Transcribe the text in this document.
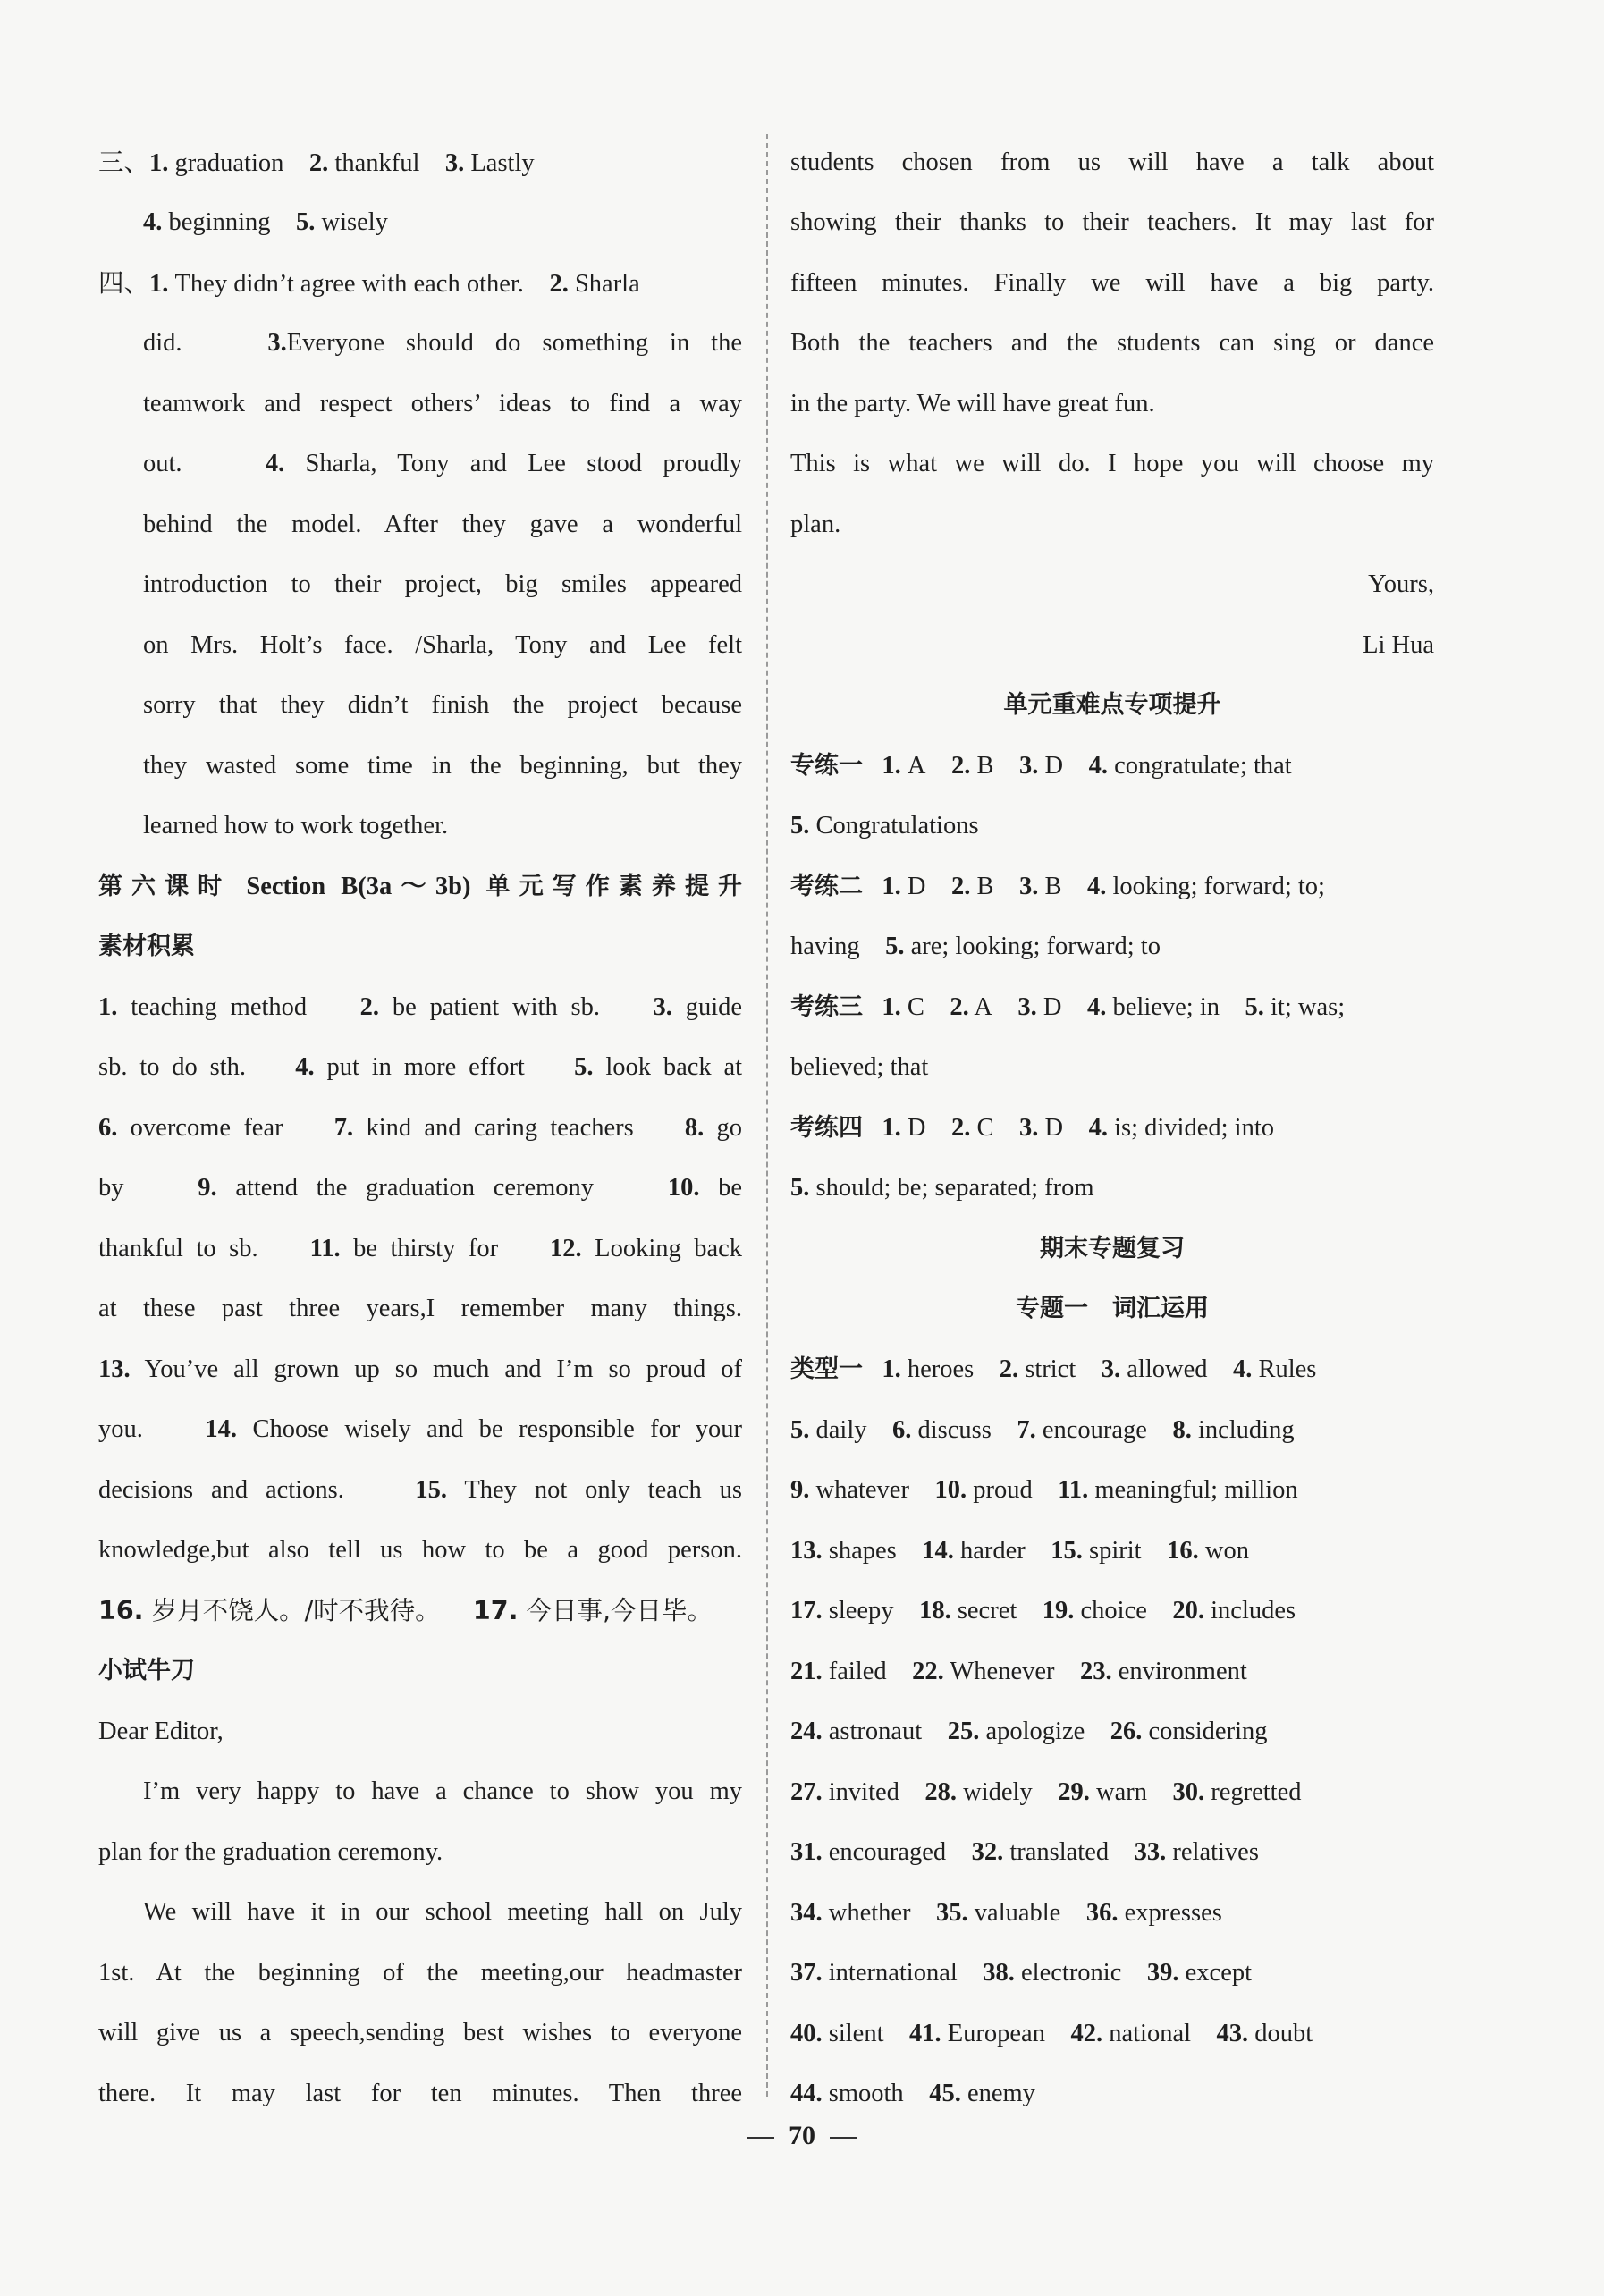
三、1. graduation 2. thankful 3. Lastly
4. beginning 5. wisely
四、1. They didn’t agree with each other. 2. Sharla
did.	3.Everyone should do something in the
teamwork and respect others’ ideas to find a way
out.	4. Sharla, Tony and Lee stood proudly
behind the model. After they gave a wonderful
introduction to their project, big smiles appeared
on Mrs. Holt’s face. /Sharla, Tony and Lee felt
sorry that they didn’t finish the project because
they wasted some time in the beginning, but they
learned how to work together.
第六课时 Section B(3a～3b) 单元写作素养提升
素材积累
1. teaching method 2. be patient with sb. 3. guide
sb. to do sth. 4. put in more effort 5. look back at
6. overcome fear 7. kind and caring teachers 8. go
by	9. attend the graduation ceremony	10. be
thankful to sb. 11. be thirsty for 12. Looking back
at these past three years,I remember many things.
13. You’ve all grown up so much and I’m so proud of
you. 14. Choose wisely and be responsible for your
decisions and actions.	15. They not only teach us
knowledge,but also tell us how to be a good person.
16. 岁月不饶人。/时不我待。 17. 今日事,今日毕。
小试牛刀
Dear Editor,
I’m very happy to have a chance to show you my
plan for the graduation ceremony.
We will have it in our school meeting hall on July
1st. At the beginning of the meeting,our headmaster
will give us a speech,sending best wishes to everyone
there. It may last for ten minutes. Then three
students chosen from us will have a talk about
showing their thanks to their teachers. It may last for
fifteen minutes. Finally we will have a big party.
Both the teachers and the students can sing or dance
in the party. We will have great fun.
This is what we will do. I hope you will choose my
plan.
Yours,
Li Hua
单元重难点专项提升
专练一 1. A 2. B 3. D 4. congratulate; that
5. Congratulations
考练二 1. D 2. B 3. B 4. looking; forward; to;
having 5. are; looking; forward; to
考练三 1. C 2. A 3. D 4. believe; in 5. it; was;
believed; that
考练四 1. D 2. C 3. D 4. is; divided; into
5. should; be; separated; from
期末专题复习
专题一　词汇运用
类型一 1. heroes 2. strict 3. allowed 4. Rules
5. daily 6. discuss 7. encourage 8. including
9. whatever 10. proud 11. meaningful; million
13. shapes 14. harder 15. spirit 16. won
17. sleepy 18. secret 19. choice 20. includes
21. failed 22. Whenever 23. environment
24. astronaut 25. apologize 26. considering
27. invited 28. widely 29. warn 30. regretted
31. encouraged 32. translated 33. relatives
34. whether 35. valuable 36. expresses
37. international 38. electronic 39. except
40. silent 41. European 42. national 43. doubt
44. smooth 45. enemy
70
